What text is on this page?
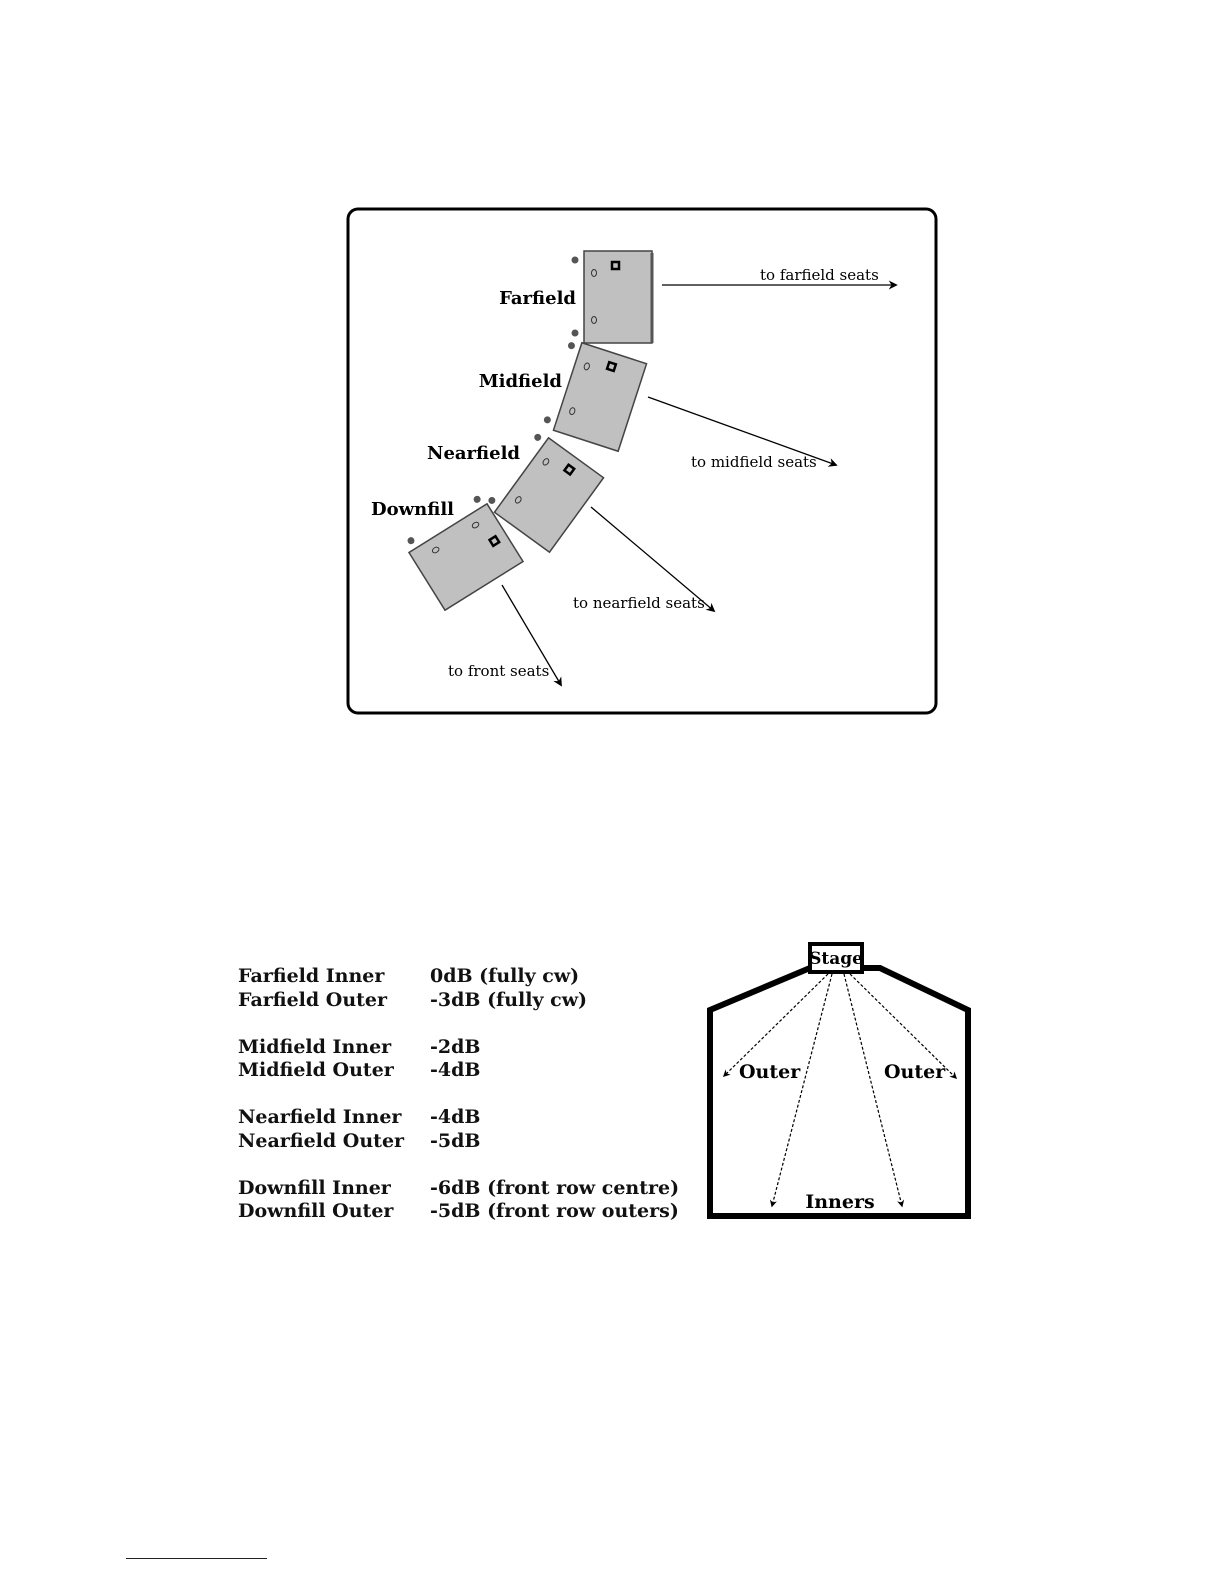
Farfield
Midfield
Nearfield
Downfill
to farfield seats
to midfield seats
to nearfield seats
to front seats
Farfield Inner 0dB (fully cw)
Farfield Outer -3dB (fully cw)
Midfield Inner -2dB
Midfield Outer -4dB
Nearfield Inner -4dB
Nearfield Outer -5dB
Downfill Inner -6dB (front row centre)
Downfill Outer -5dB (front row outers)
Stage
Outer	Outer
Inners
